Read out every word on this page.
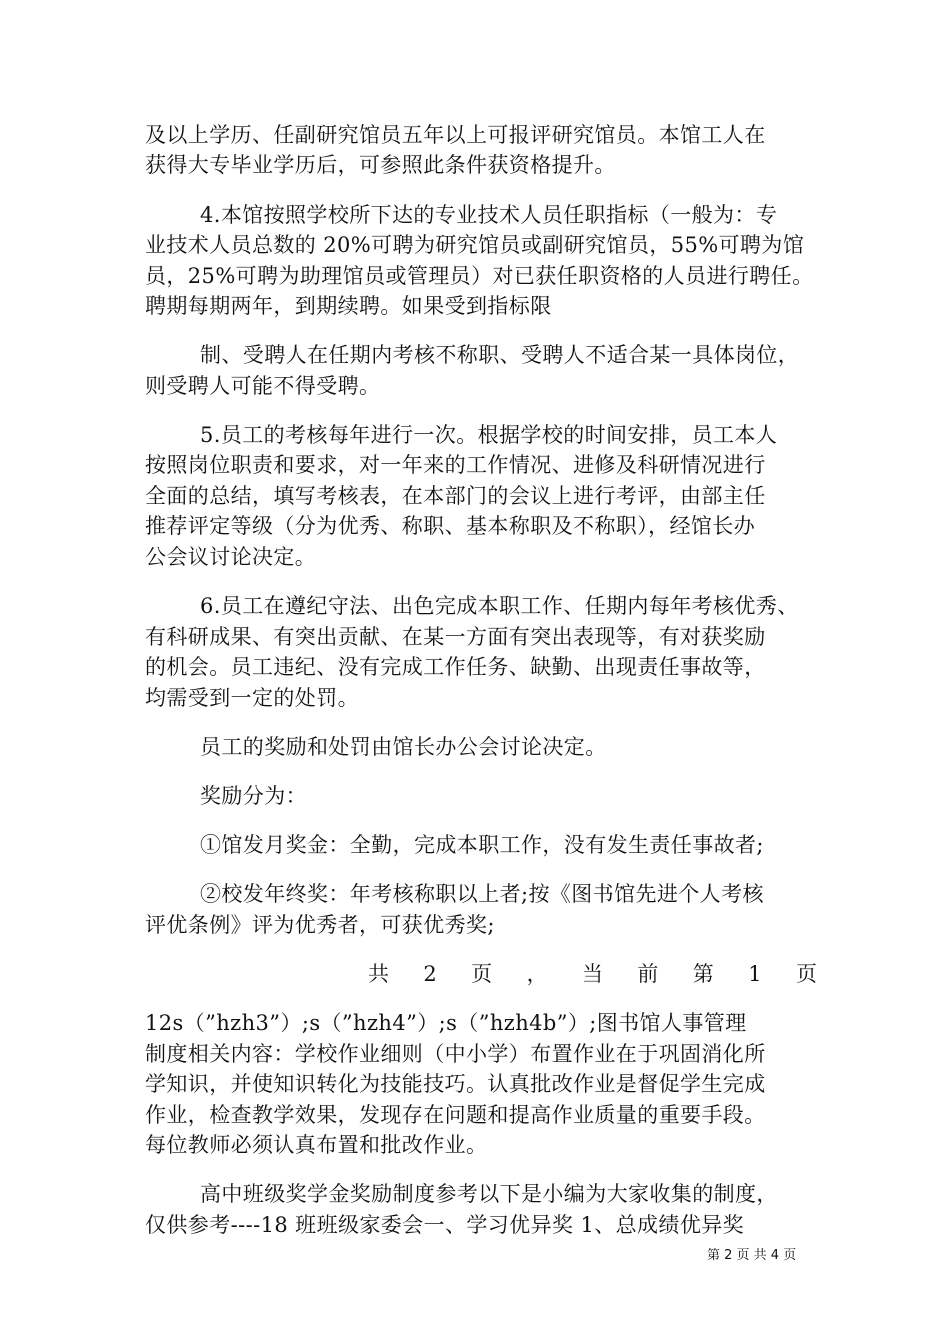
及以上学历、任副研究馆员五年以上可报评研究馆员。本馆工人在
获得大专毕业学历后，可参照此条件获资格提升。
4.本馆按照学校所下达的专业技术人员任职指标（一般为：专
业技术人员总数的 20%可聘为研究馆员或副研究馆员，55%可聘为馆
员，25%可聘为助理馆员或管理员）对已获任职资格的人员进行聘任。
聘期每期两年，到期续聘。如果受到指标限
制、受聘人在任期内考核不称职、受聘人不适合某一具体岗位，
则受聘人可能不得受聘。
5.员工的考核每年进行一次。根据学校的时间安排，员工本人
按照岗位职责和要求，对一年来的工作情况、进修及科研情况进行
全面的总结，填写考核表，在本部门的会议上进行考评，由部主任
推荐评定等级（分为优秀、称职、基本称职及不称职），经馆长办
公会议讨论决定。
6.员工在遵纪守法、出色完成本职工作、任期内每年考核优秀、
有科研成果、有突出贡献、在某一方面有突出表现等，有对获奖励
的机会。员工违纪、没有完成工作任务、缺勤、出现责任事故等，
均需受到一定的处罚。
员工的奖励和处罚由馆长办公会讨论决定。
奖励分为：
①馆发月奖金：全勤，完成本职工作，没有发生责任事故者;
②校发年终奖：年考核称职以上者;按《图书馆先进个人考核
评优条例》评为优秀者，可获优秀奖;
共 2 页 ， 当 前 第 1 页
12s（”hzh3”）;s（”hzh4”）;s（”hzh4b”）;图书馆人事管理
制度相关内容：学校作业细则（中小学）布置作业在于巩固消化所
学知识，并使知识转化为技能技巧。认真批改作业是督促学生完成
作业，检查教学效果，发现存在问题和提高作业质量的重要手段。
每位教师必须认真布置和批改作业。
高中班级奖学金奖励制度参考以下是小编为大家收集的制度，
仅供参考----18 班班级家委会一、学习优异奖 1、总成绩优异奖
第 2 页 共 4 页
